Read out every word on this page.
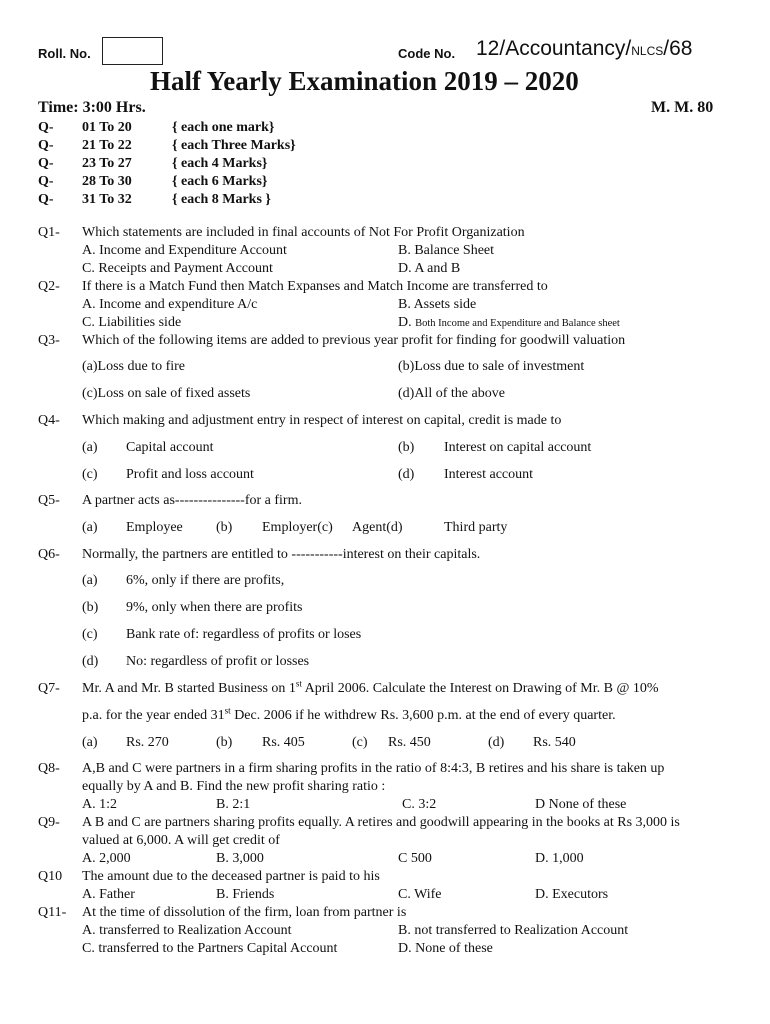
Roll. No.	Code No. 12/Accountancy/NLCS/68
Half Yearly Examination 2019 – 2020
Time: 3:00 Hrs.	M. M. 80
Q- 01 To 20	{ each one mark}
Q- 21 To 22	{ each Three Marks}
Q- 23 To 27	{ each 4 Marks}
Q- 28 To 30	{ each 6 Marks}
Q- 31 To 32	{ each 8 Marks }
Q1- Which statements are included in final accounts of Not For Profit Organization
A. Income and Expenditure Account	B. Balance Sheet
C. Receipts and Payment Account	D. A and B
Q2- If there is a Match Fund then Match Expanses and Match Income are transferred to
A. Income and expenditure A/c	B. Assets side
C. Liabilities side	D. Both Income and Expenditure and Balance sheet
Q3- Which of the following items are added to previous year profit for finding for goodwill valuation
(a)Loss due to fire	(b)Loss due to sale of investment
(c)Loss on sale of fixed assets	(d)All of the above
Q4- Which making and adjustment entry in respect of interest on capital, credit is made to
(a) Capital account	(b) Interest on capital account
(c) Profit and loss account	(d) Interest account
Q5- A partner acts as---------------for a firm.
(a) Employee (b) Employer(c) Agent(d)	Third party
Q6- Normally, the partners are entitled to -----------interest on their capitals.
(a) 6%, only if there are profits,
(b) 9%, only when there are profits
(c) Bank rate of: regardless of profits or loses
(d) No: regardless of profit or losses
Q7- Mr. A and Mr. B started Business on 1st April 2006. Calculate the Interest on Drawing of Mr. B @ 10%
p.a. for the year ended 31st Dec. 2006 if he withdrew Rs. 3,600 p.m. at the end of every quarter.
(a) Rs. 270	(b) Rs. 405	(c) Rs. 450	(d) Rs. 540
Q8- A,B and C were partners in a firm sharing profits in the ratio of 8:4:3, B retires and his share is taken up
equally by A and B. Find the new profit sharing ratio :
A. 1:2	B. 2:1	C. 3:2	D None of these
Q9- A B and C are partners sharing profits equally. A retires and goodwill appearing in the books at Rs 3,000 is
valued at 6,000. A will get credit of
A. 2,000	B. 3,000	C 500	D. 1,000
Q10 The amount due to the deceased partner is paid to his
A. Father	B. Friends	C. Wife	D. Executors
Q11- At the time of dissolution of the firm, loan from partner is
A. transferred to Realization Account	B. not transferred to Realization Account
C. transferred to the Partners Capital Account	D. None of these
